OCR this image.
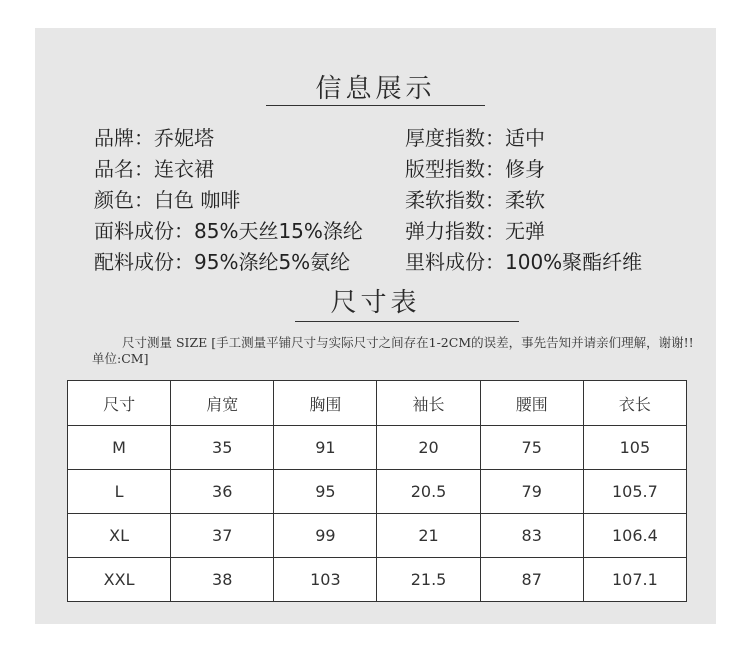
信息展示
品牌：乔妮塔
品名：连衣裙
颜色：白色 咖啡
面料成份：85%天丝15%涤纶
配料成份：95%涤纶5%氨纶
厚度指数：适中
版型指数：修身
柔软指数：柔软
弹力指数：无弹
里料成份：100%聚酯纤维
尺寸表
尺寸测量 SIZE [手工测量平铺尺寸与实际尺寸之间存在1-2CM的误差，事先告知并请亲们理解，谢谢!! 单位:CM]
尺寸	肩宽	胸围	袖长	腰围	衣长
M	35	91	20	75	105
L	36	95	20.5	79	105.7
XL	37	99	21	83	106.4
XXL	38	103	21.5	87	107.1
